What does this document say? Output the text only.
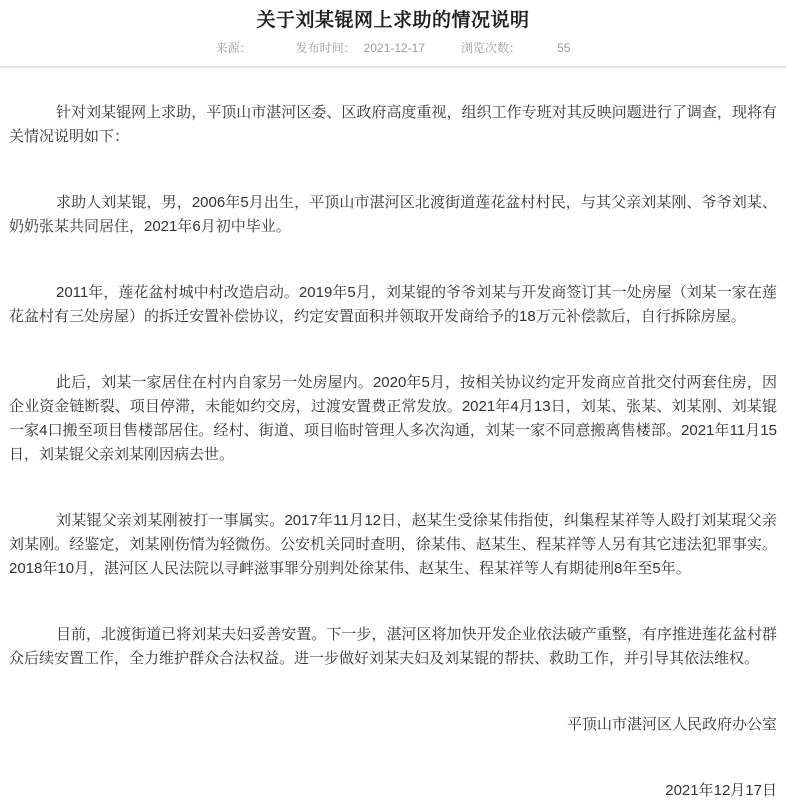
关于刘某锟网上求助的情况说明
来源：	发布时间： 2021-12-17	浏览次数：	55

针对刘某锟网上求助，平顶山市湛河区委、区政府高度重视，组织工作专班对其反映问题进行了调查，现将有关情况说明如下：

求助人刘某锟，男，2006年5月出生，平顶山市湛河区北渡街道莲花盆村村民，与其父亲刘某刚、爷爷刘某、奶奶张某共同居住，2021年6月初中毕业。

2011年，莲花盆村城中村改造启动。2019年5月，刘某锟的爷爷刘某与开发商签订其一处房屋（刘某一家在莲花盆村有三处房屋）的拆迁安置补偿协议，约定安置面积并领取开发商给予的18万元补偿款后，自行拆除房屋。

此后，刘某一家居住在村内自家另一处房屋内。2020年5月，按相关协议约定开发商应首批交付两套住房，因企业资金链断裂、项目停滞，未能如约交房，过渡安置费正常发放。2021年4月13日，刘某、张某、刘某刚、刘某锟一家4口搬至项目售楼部居住。经村、街道、项目临时管理人多次沟通，刘某一家不同意搬离售楼部。2021年11月15日，刘某锟父亲刘某刚因病去世。

刘某锟父亲刘某刚被打一事属实。2017年11月12日，赵某生受徐某伟指使，纠集程某祥等人殴打刘某琨父亲刘某刚。经鉴定，刘某刚伤情为轻微伤。公安机关同时查明，徐某伟、赵某生、程某祥等人另有其它违法犯罪事实。2018年10月，湛河区人民法院以寻衅滋事罪分别判处徐某伟、赵某生、程某祥等人有期徒刑8年至5年。

目前，北渡街道已将刘某夫妇妥善安置。下一步，湛河区将加快开发企业依法破产重整，有序推进莲花盆村群众后续安置工作，全力维护群众合法权益。进一步做好刘某夫妇及刘某锟的帮扶、救助工作，并引导其依法维权。

平顶山市湛河区人民政府办公室

2021年12月17日
